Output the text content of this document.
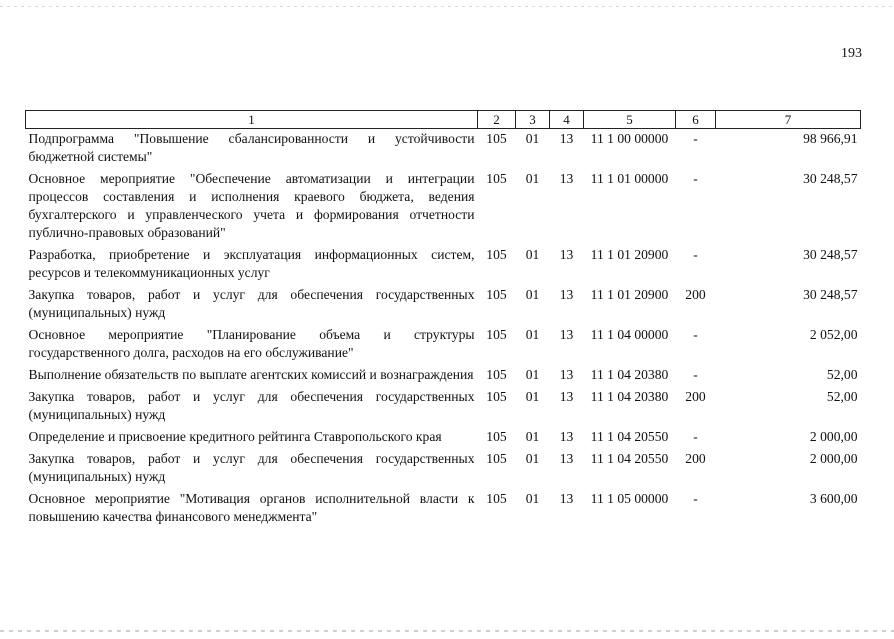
193
1	2	3	4	5	6	7
Подпрограмма "Повышение сбалансированности и устойчивости бюджетной системы"	105	01	13	11 1 00 00000	-	98 966,91
Основное мероприятие "Обеспечение автоматизации и интеграции процессов составления и исполнения краевого бюджета, ведения бухгалтерского и управленческого учета и формирования отчетности публично-правовых образований"	105	01	13	11 1 01 00000	-	30 248,57
Разработка, приобретение и эксплуатация информационных систем, ресурсов и телекоммуникационных услуг	105	01	13	11 1 01 20900	-	30 248,57
Закупка товаров, работ и услуг для обеспечения государственных (муниципальных) нужд	105	01	13	11 1 01 20900	200	30 248,57
Основное мероприятие "Планирование объема и структуры государственного долга, расходов на его обслуживание"	105	01	13	11 1 04 00000	-	2 052,00
Выполнение обязательств по выплате агентских комиссий и вознаграждения	105	01	13	11 1 04 20380	-	52,00
Закупка товаров, работ и услуг для обеспечения государственных (муниципальных) нужд	105	01	13	11 1 04 20380	200	52,00
Определение и присвоение кредитного рейтинга Ставропольского края	105	01	13	11 1 04 20550	-	2 000,00
Закупка товаров, работ и услуг для обеспечения государственных (муниципальных) нужд	105	01	13	11 1 04 20550	200	2 000,00
Основное мероприятие "Мотивация органов исполнительной власти к повышению качества финансового менеджмента"	105	01	13	11 1 05 00000	-	3 600,00
